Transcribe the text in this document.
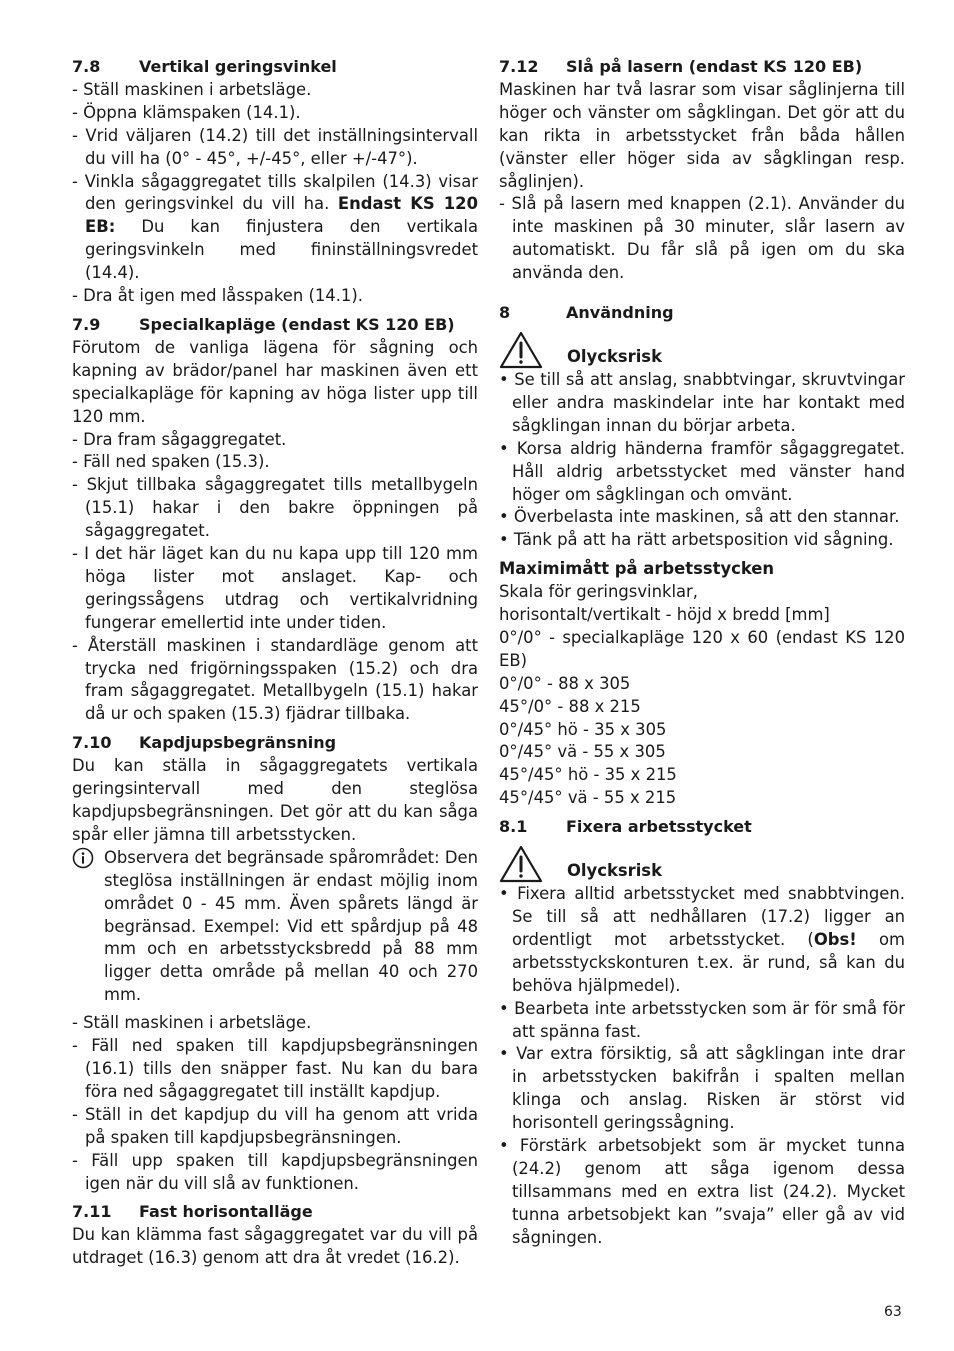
7.8	Vertikal geringsvinkel
- Ställ maskinen i arbetsläge.
- Öppna klämspaken (14.1).
- Vrid väljaren (14.2) till det inställningsintervall du vill ha (0° - 45°, +/-45°, eller +/-47°).
- Vinkla sågaggregatet tills skalpilen (14.3) visar den geringsvinkel du vill ha. Endast KS 120 EB: Du kan finjustera den vertikala geringsvinkeln med fininställningsvredet (14.4).
- Dra åt igen med låsspaken (14.1).
7.9	Specialkapläge (endast KS 120 EB)
Förutom de vanliga lägena för sågning och kapning av brädor/panel har maskinen även ett specialkapläge för kapning av höga lister upp till 120 mm.
- Dra fram sågaggregatet.
- Fäll ned spaken (15.3).
- Skjut tillbaka sågaggregatet tills metallbygeln (15.1) hakar i den bakre öppningen på sågaggregatet.
- I det här läget kan du nu kapa upp till 120 mm höga lister mot anslaget. Kap- och geringssågens utdrag och vertikalvridning fungerar emellertid inte under tiden.
- Återställ maskinen i standardläge genom att trycka ned frigörningsspaken (15.2) och dra fram sågaggregatet. Metallbygeln (15.1) hakar då ur och spaken (15.3) fjädrar tillbaka.
7.10	Kapdjupsbegränsning
Du kan ställa in sågaggregatets vertikala geringsintervall med den steglösa kapdjupsbegränsningen. Det gör att du kan såga spår eller jämna till arbetsstycken.
Observera det begränsade spårområdet: Den steglösa inställningen är endast möjlig inom området 0 - 45 mm. Även spårets längd är begränsad. Exempel: Vid ett spårdjup på 48 mm och en arbetsstycksbredd på 88 mm ligger detta område på mellan 40 och 270 mm.
- Ställ maskinen i arbetsläge.
- Fäll ned spaken till kapdjupsbegränsningen (16.1) tills den snäpper fast. Nu kan du bara föra ned sågaggregatet till inställt kapdjup.
- Ställ in det kapdjup du vill ha genom att vrida på spaken till kapdjupsbegränsningen.
- Fäll upp spaken till kapdjupsbegränsningen igen när du vill slå av funktionen.
7.11	Fast horisontalläge
Du kan klämma fast sågaggregatet var du vill på utdraget (16.3) genom att dra åt vredet (16.2).
7.12	Slå på lasern (endast KS 120 EB)
Maskinen har två lasrar som visar såglinjerna till höger och vänster om sågklingan. Det gör att du kan rikta in arbetsstycket från båda hållen (vänster eller höger sida av sågklingan resp. såglinjen).
- Slå på lasern med knappen (2.1). Använder du inte maskinen på 30 minuter, slår lasern av automatiskt. Du får slå på igen om du ska använda den.
8	Användning
Olycksrisk
• Se till så att anslag, snabbtvingar, skruvtvingar eller andra maskindelar inte har kontakt med sågklingan innan du börjar arbeta.
• Korsa aldrig händerna framför sågaggregatet. Håll aldrig arbetsstycket med vänster hand höger om sågklingan och omvänt.
• Överbelasta inte maskinen, så att den stannar.
• Tänk på att ha rätt arbetsposition vid sågning.
Maximimått på arbetsstycken
Skala för geringsvinklar,
horisontalt/vertikalt - höjd x bredd [mm]
0°/0° - specialkapläge 120 x 60 (endast KS 120 EB)
0°/0° - 88 x 305
45°/0° - 88 x 215
0°/45° hö - 35 x 305
0°/45° vä - 55 x 305
45°/45° hö - 35 x 215
45°/45° vä - 55 x 215
8.1	Fixera arbetsstycket
Olycksrisk
• Fixera alltid arbetsstycket med snabbtvingen. Se till så att nedhållaren (17.2) ligger an ordentligt mot arbetsstycket. (Obs! om arbetsstyckskonturen t.ex. är rund, så kan du behöva hjälpmedel).
• Bearbeta inte arbetsstycken som är för små för att spänna fast.
• Var extra försiktig, så att sågklingan inte drar in arbetsstycken bakifrån i spalten mellan klinga och anslag. Risken är störst vid horisontell geringssågning.
• Förstärk arbetsobjekt som är mycket tunna (24.2) genom att såga igenom dessa tillsammans med en extra list (24.2). Mycket tunna arbetsobjekt kan ”svaja” eller gå av vid sågningen.
63
